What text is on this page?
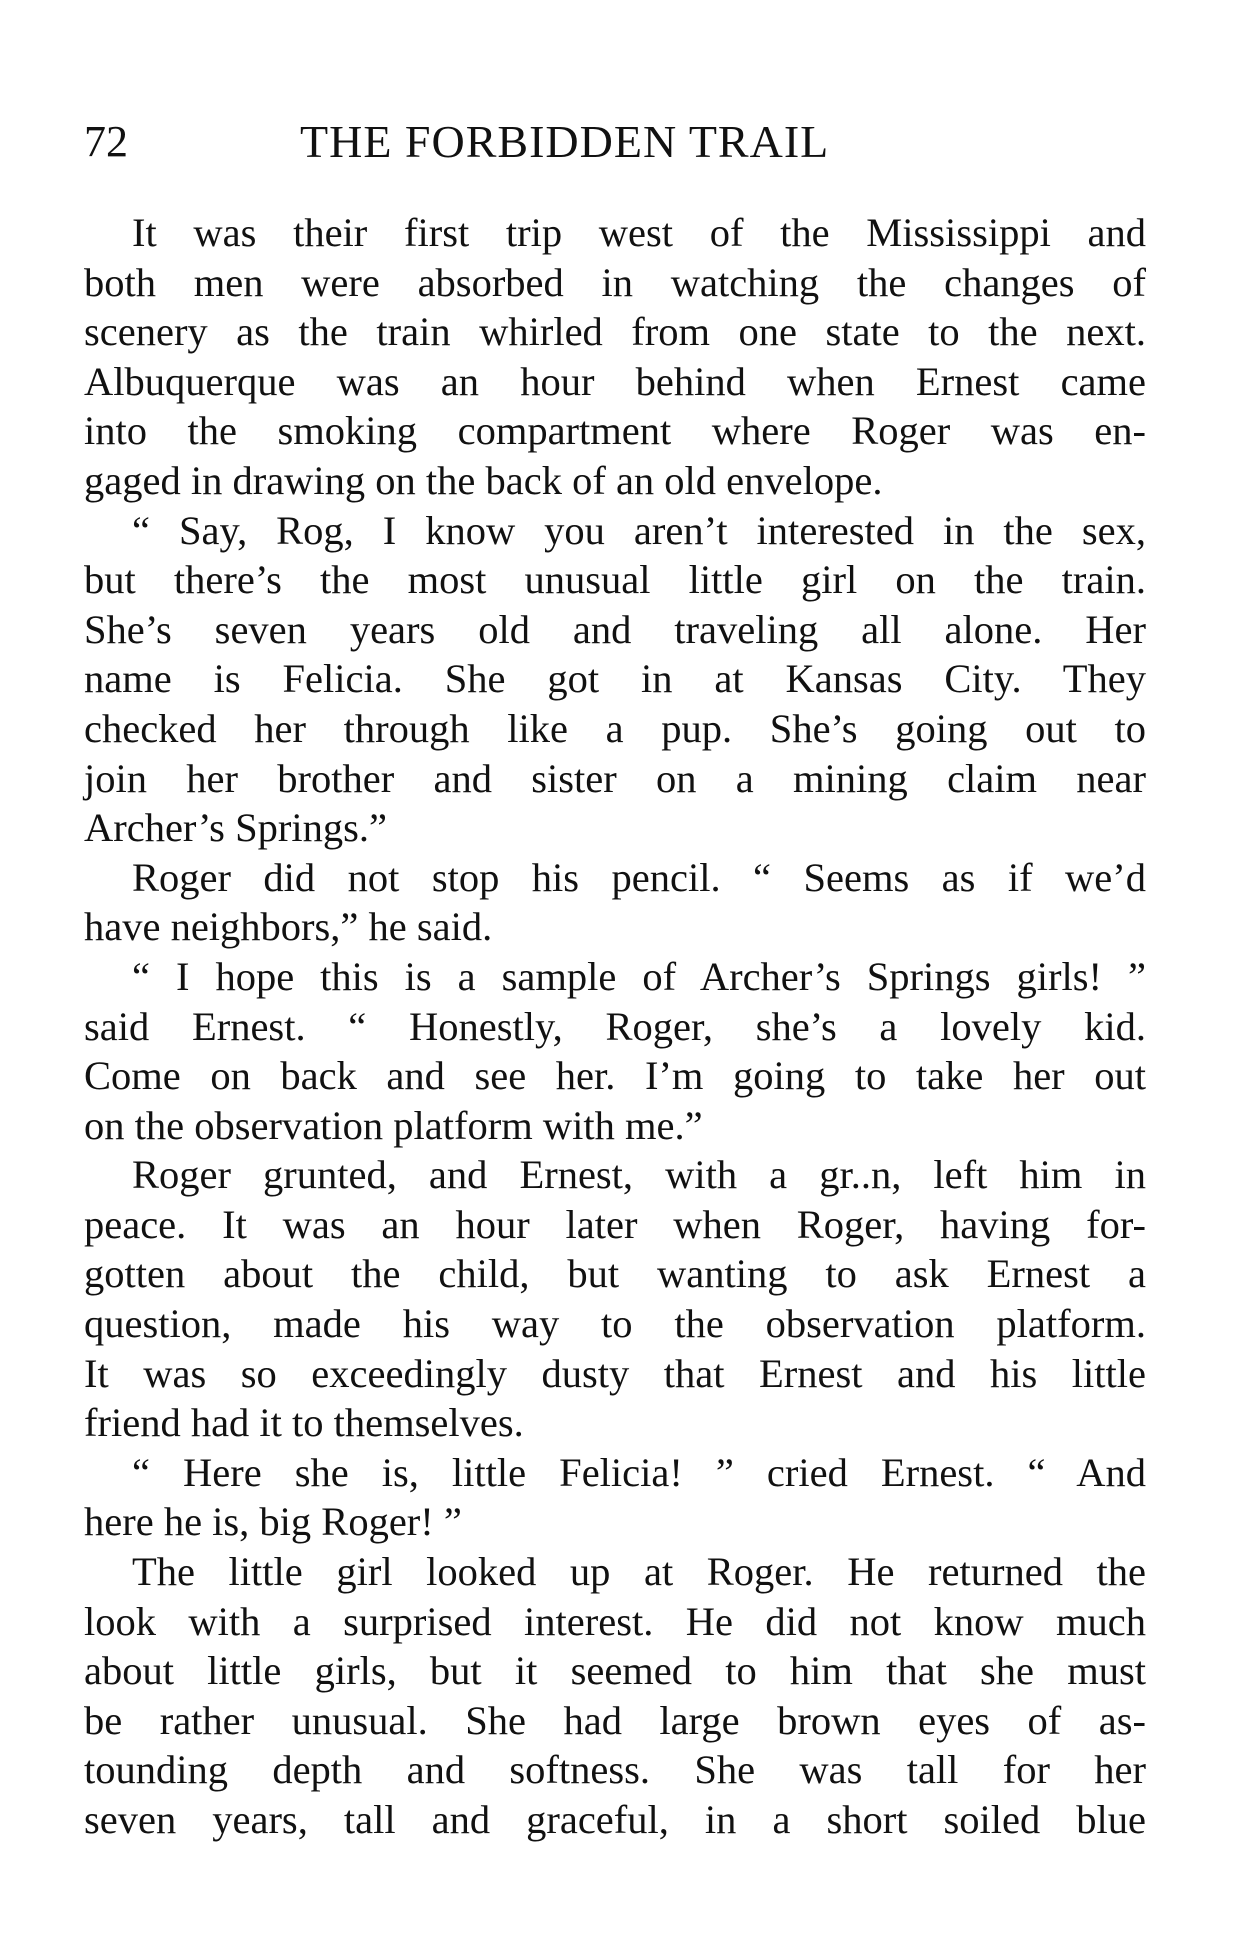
72	THE FORBIDDEN TRAIL
It was their first trip west of the Mississippi and
both men were absorbed in watching the changes of
scenery as the train whirled from one state to the next.
Albuquerque was an hour behind when Ernest came
into the smoking compartment where Roger was en-
gaged in drawing on the back of an old envelope.
“ Say, Rog, I know you aren’t interested in the sex,
but there’s the most unusual little girl on the train.
She’s seven years old and traveling all alone. Her
name is Felicia. She got in at Kansas City. They
checked her through like a pup. She’s going out to
join her brother and sister on a mining claim near
Archer’s Springs.”
Roger did not stop his pencil. “ Seems as if we’d
have neighbors,” he said.
“ I hope this is a sample of Archer’s Springs girls! ”
said Ernest. “ Honestly, Roger, she’s a lovely kid.
Come on back and see her. I’m going to take her out
on the observation platform with me.”
Roger grunted, and Ernest, with a gr..n, left him in
peace. It was an hour later when Roger, having for-
gotten about the child, but wanting to ask Ernest a
question, made his way to the observation platform.
It was so exceedingly dusty that Ernest and his little
friend had it to themselves.
“ Here she is, little Felicia! ” cried Ernest. “ And
here he is, big Roger! ”
The little girl looked up at Roger. He returned the
look with a surprised interest. He did not know much
about little girls, but it seemed to him that she must
be rather unusual. She had large brown eyes of as-
tounding depth and softness. She was tall for her
seven years, tall and graceful, in a short soiled blue
